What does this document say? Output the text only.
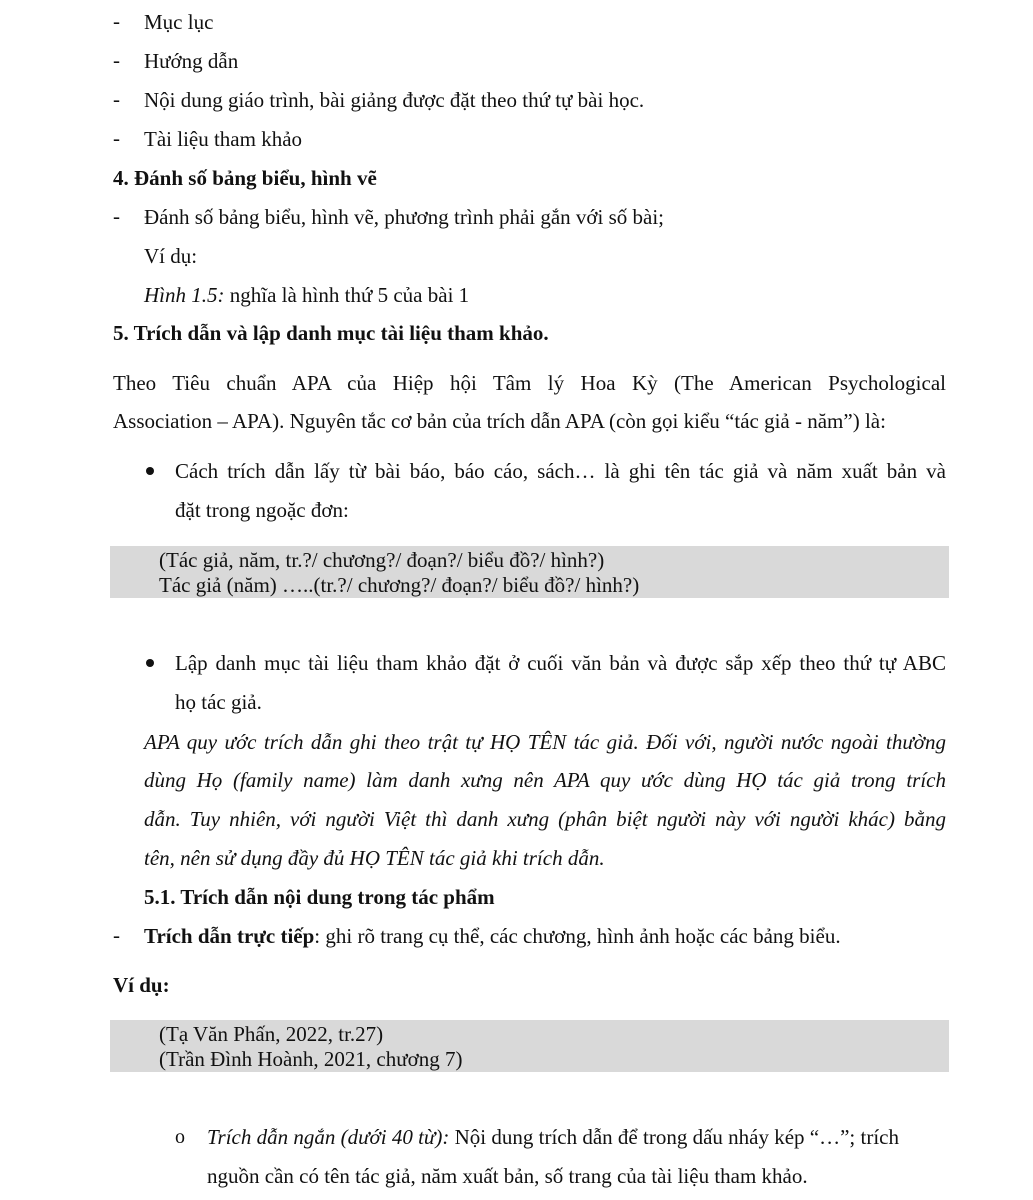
- Mục lục
- Hướng dẫn
- Nội dung giáo trình, bài giảng được đặt theo thứ tự bài học.
- Tài liệu tham khảo
4. Đánh số bảng biểu, hình vẽ
- Đánh số bảng biểu, hình vẽ, phương trình phải gắn với số bài;
Ví dụ:
Hình 1.5: nghĩa là hình thứ 5 của bài 1
5. Trích dẫn và lập danh mục tài liệu tham khảo.
Theo Tiêu chuẩn APA của Hiệp hội Tâm lý Hoa Kỳ (The American Psychological
Association – APA). Nguyên tắc cơ bản của trích dẫn APA (còn gọi kiểu “tác giả - năm”) là:
Cách trích dẫn lấy từ bài báo, báo cáo, sách… là ghi tên tác giả và năm xuất bản và
đặt trong ngoặc đơn:
(Tác giả, năm, tr.?/ chương?/ đoạn?/ biểu đồ?/ hình?)
Tác giả (năm) …..(tr.?/ chương?/ đoạn?/ biểu đồ?/ hình?)
Lập danh mục tài liệu tham khảo đặt ở cuối văn bản và được sắp xếp theo thứ tự ABC
họ tác giả.
APA quy ước trích dẫn ghi theo trật tự HỌ TÊN tác giả. Đối với, người nước ngoài thường
dùng Họ (family name) làm danh xưng nên APA quy ước dùng HỌ tác giả trong trích
dẫn. Tuy nhiên, với người Việt thì danh xưng (phân biệt người này với người khác) bằng
tên, nên sử dụng đầy đủ HỌ TÊN tác giả khi trích dẫn.
5.1. Trích dẫn nội dung trong tác phẩm
- Trích dẫn trực tiếp: ghi rõ trang cụ thể, các chương, hình ảnh hoặc các bảng biểu.
Ví dụ:
(Tạ Văn Phấn, 2022, tr.27)
(Trần Đình Hoành, 2021, chương 7)
o Trích dẫn ngắn (dưới 40 từ): Nội dung trích dẫn để trong dấu nháy kép “…”; trích
nguồn cần có tên tác giả, năm xuất bản, số trang của tài liệu tham khảo.
